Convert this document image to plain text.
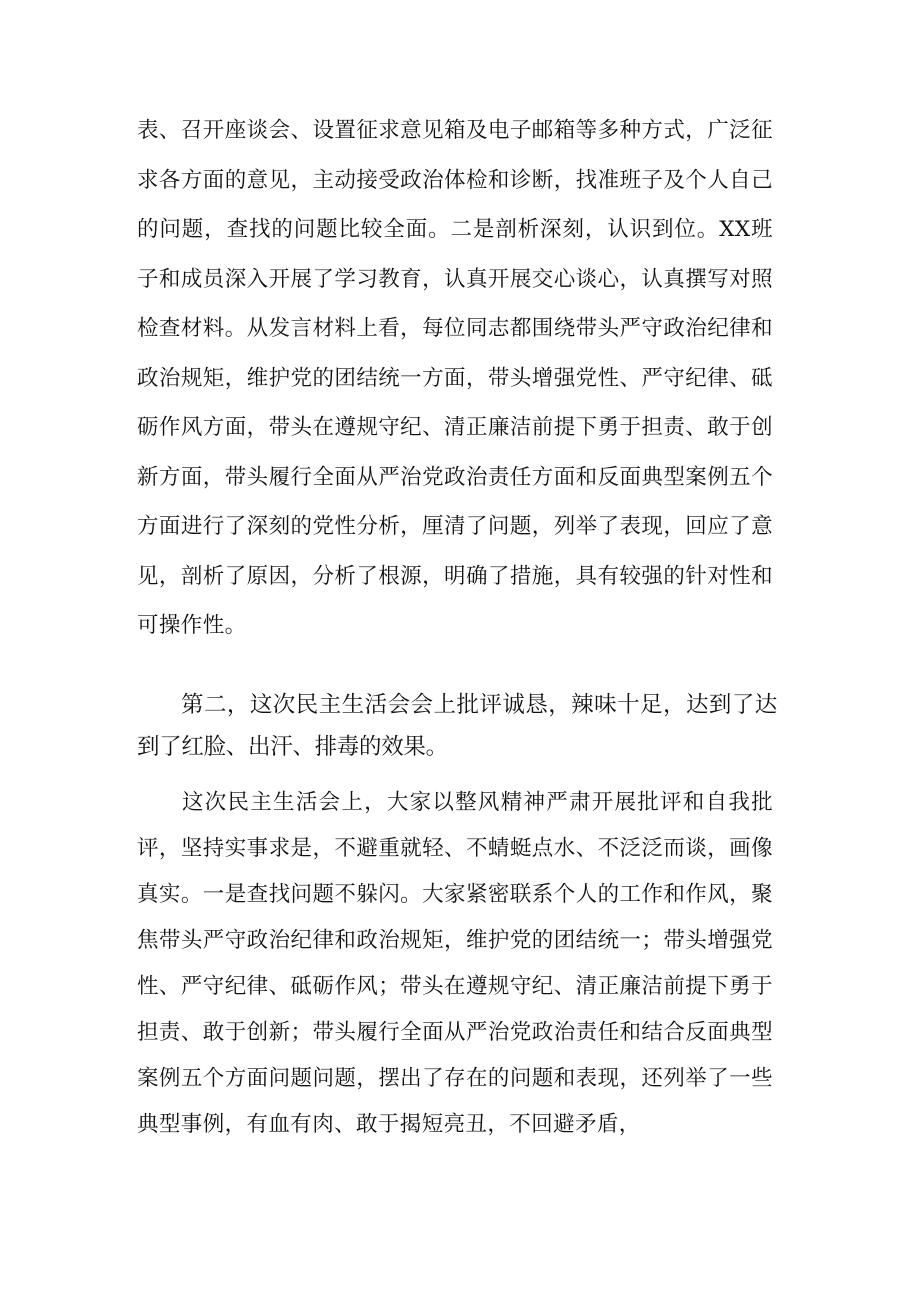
表、召开座谈会、设置征求意见箱及电子邮箱等多种方式，广泛征求各方面的意见，主动接受政治体检和诊断，找准班子及个人自己的问题，查找的问题比较全面。二是剖析深刻，认识到位。XX班子和成员深入开展了学习教育，认真开展交心谈心，认真撰写对照检查材料。从发言材料上看，每位同志都围绕带头严守政治纪律和政治规矩，维护党的团结统一方面，带头增强党性、严守纪律、砥砺作风方面，带头在遵规守纪、清正廉洁前提下勇于担责、敢于创新方面，带头履行全面从严治党政治责任方面和反面典型案例五个方面进行了深刻的党性分析，厘清了问题，列举了表现，回应了意见，剖析了原因，分析了根源，明确了措施，具有较强的针对性和可操作性。

第二，这次民主生活会会上批评诚恳，辣味十足，达到了达到了红脸、出汗、排毒的效果。

这次民主生活会上，大家以整风精神严肃开展批评和自我批评，坚持实事求是，不避重就轻、不蜻蜓点水、不泛泛而谈，画像真实。一是查找问题不躲闪。大家紧密联系个人的工作和作风，聚焦带头严守政治纪律和政治规矩，维护党的团结统一；带头增强党性、严守纪律、砥砺作风；带头在遵规守纪、清正廉洁前提下勇于担责、敢于创新；带头履行全面从严治党政治责任和结合反面典型案例五个方面问题问题，摆出了存在的问题和表现，还列举了一些典型事例，有血有肉、敢于揭短亮丑，不回避矛盾，
